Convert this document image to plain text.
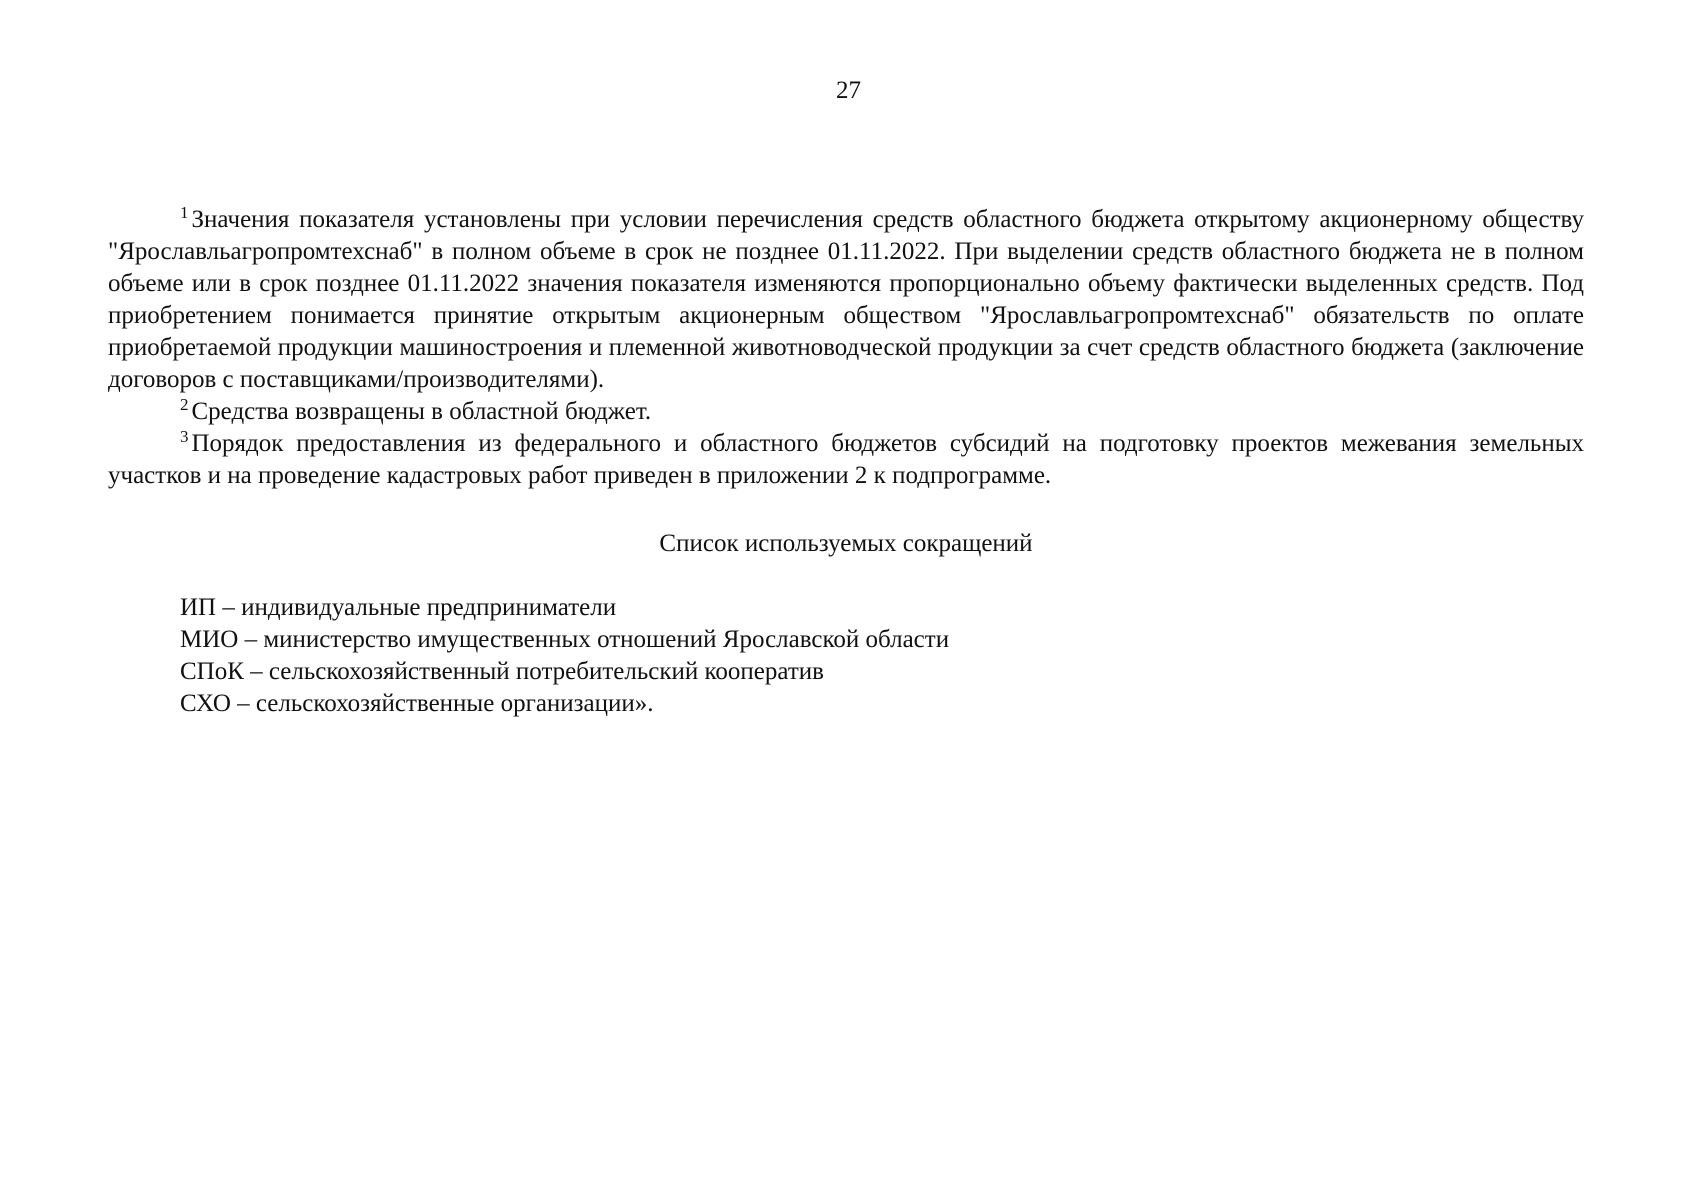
27

$^1$ Значения показателя установлены при условии перечисления средств областного бюджета открытому акционерному обществу "Ярославльагропромтехснаб" в полном объеме в срок не позднее 01.11.2022. При выделении средств областного бюджета не в полном объеме или в срок позднее 01.11.2022 значения показателя изменяются пропорционально объему фактически выделенных средств. Под приобретением понимается принятие открытым акционерным обществом "Ярославльагропромтехснаб" обязательств по оплате приобретаемой продукции машиностроения и племенной животноводческой продукции за счет средств областного бюджета (заключение договоров с поставщиками/производителями).

$^2$ Средства возвращены в областной бюджет.

$^3$ Порядок предоставления из федерального и областного бюджетов субсидий на подготовку проектов межевания земельных участков и на проведение кадастровых работ приведен в приложении 2 к подпрограмме.

Список используемых сокращений
ИП – индивидуальные предприниматели
МИО – министерство имущественных отношений Ярославской области
СПоК – сельскохозяйственный потребительский кооператив
СХО – сельскохозяйственные организации».
